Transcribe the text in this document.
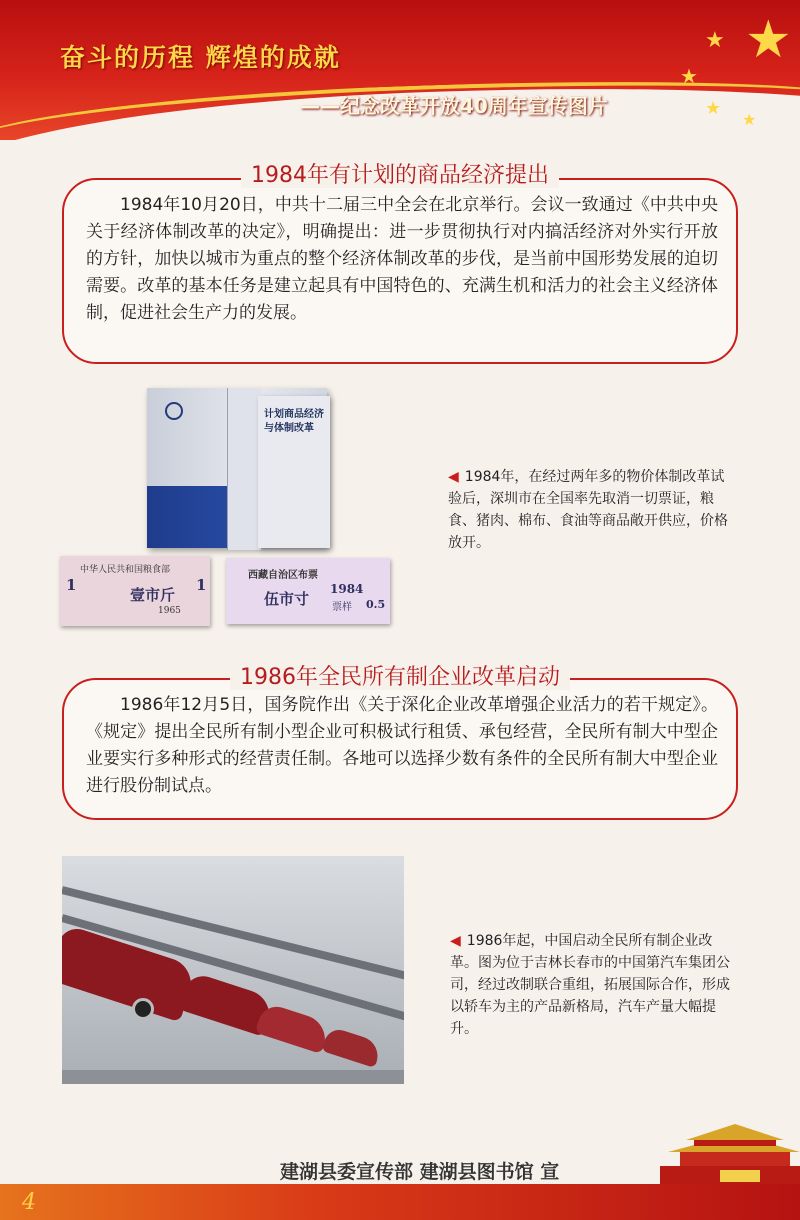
奋斗的历程 辉煌的成就
——纪念改革开放40周年宣传图片
★
★
★
★
★

1984年10月20日，中共十二届三中全会在北京举行。会议一致通过《中共中央关于经济体制改革的决定》，明确提出：进一步贯彻执行对内搞活经济对外实行开放的方针，加快以城市为重点的整个经济体制改革的步伐，是当前中国形势发展的迫切需要。改革的基本任务是建立起具有中国特色的、充满生机和活力的社会主义经济体制，促进社会生产力的发展。

1984年有计划的商品经济提出
计划商品经济与体制改革
中华人民共和国粮食部
1
壹市斤
1
1965
西藏自治区布票
伍市寸
1984
票样 0.5
◀ 1984年，在经过两年多的物价体制改革试验后，深圳市在全国率先取消一切票证，粮食、猪肉、棉布、食油等商品敞开供应，价格放开。

1986年12月5日，国务院作出《关于深化企业改革增强企业活力的若干规定》。《规定》提出全民所有制小型企业可积极试行租赁、承包经营，全民所有制大中型企业要实行多种形式的经营责任制。各地可以选择少数有条件的全民所有制大中型企业进行股份制试点。

1986年全民所有制企业改革启动
◀ 1986年起，中国启动全民所有制企业改革。图为位于吉林长春市的中国第汽车集团公司，经过改制联合重组，拓展国际合作，形成以轿车为主的产品新格局，汽车产量大幅提升。
建湖县委宣传部 建湖县图书馆 宣
4
